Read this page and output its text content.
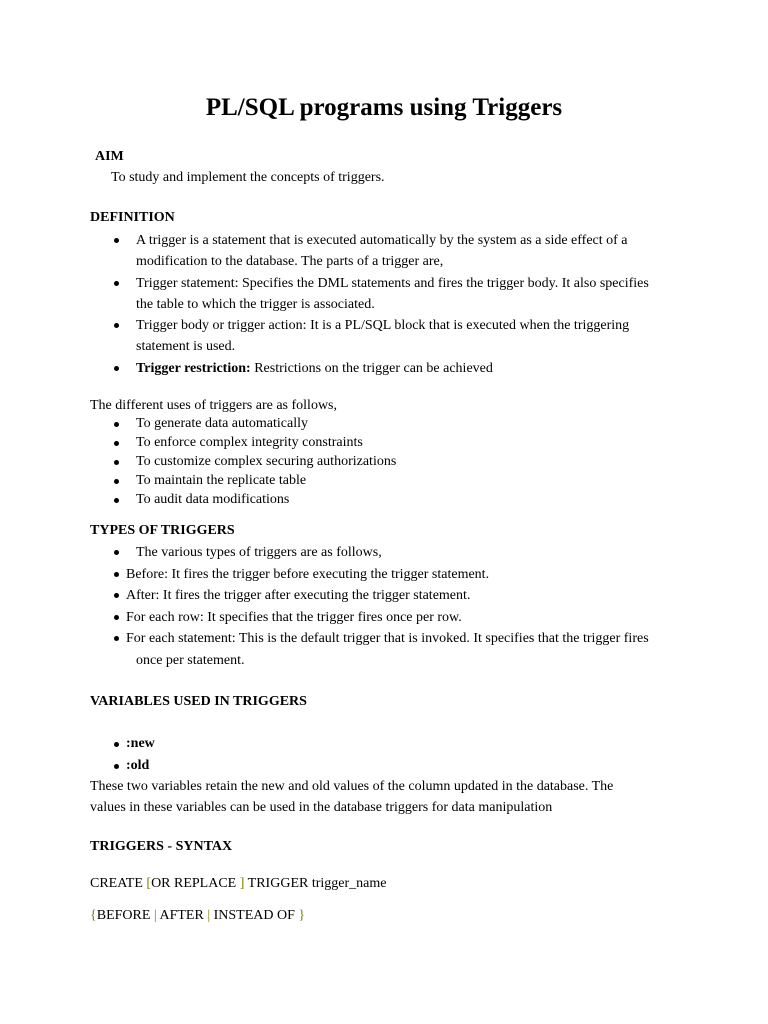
PL/SQL programs using Triggers
AIM
To study and implement the concepts of triggers.
DEFINITION
A trigger is a statement that is executed automatically by the system as a side effect of a
modification to the database. The parts of a trigger are,
Trigger statement: Specifies the DML statements and fires the trigger body. It also specifies
the table to which the trigger is associated.
Trigger body or trigger action: It is a PL/SQL block that is executed when the triggering
statement is used.
Trigger restriction: Restrictions on the trigger can be achieved
The different uses of triggers are as follows,
To generate data automatically
To enforce complex integrity constraints
To customize complex securing authorizations
To maintain the replicate table
To audit data modifications
TYPES OF TRIGGERS
The various types of triggers are as follows,
Before: It fires the trigger before executing the trigger statement.
After: It fires the trigger after executing the trigger statement.
For each row: It specifies that the trigger fires once per row.
For each statement: This is the default trigger that is invoked. It specifies that the trigger fires
once per statement.
VARIABLES USED IN TRIGGERS
:new
:old
These two variables retain the new and old values of the column updated in the database. The
values in these variables can be used in the database triggers for data manipulation
TRIGGERS - SYNTAX
CREATE [OR REPLACE ] TRIGGER trigger_name
{BEFORE | AFTER | INSTEAD OF }
